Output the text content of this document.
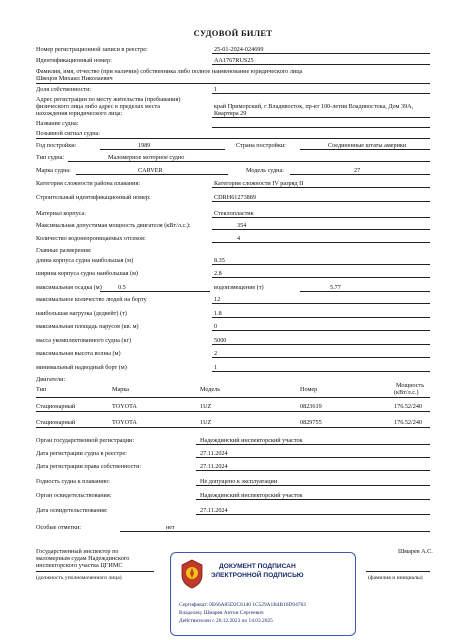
СУДОВОЙ БИЛЕТ
Номер регистрационной записи в реестре:	25-01-2024-024699
Идентификационный номер:	АА1767RUS25
Фамилия, имя, отчество (при наличии) собственника либо полное наименование юридического лица
Швецов Михаил Николаевич
Доля собственности:	1
Адрес регистрации по месту жительства (пребывания)
физического лица либо адрес в пределах места
нахождения юридического лица:
край Приморский, г Владивосток, пр-кт 100-летия Владивостока, Дом 39А,
Квартира 29
Название судна:
Позывной сигнал судна:
Год постройки:	1989	Страна постройки:	Соединенные штаты америки
Тип судна:	Маломерное моторное судно
Марка судна:	CARVER	Модель судна:	27
Категория сложности района плавания:	Категория сложности IV разряд II
Строительный идентификационный номер:	CDRH61273889
Материал корпуса:	Стеклопластик
Максимальная допустимая мощность двигателя (кВт/л.с.):	354
Количество водонепроницаемых отсеков:	4
Главные размерения:
длина корпуса судна наибольшая (м)	8.35
ширина корпуса судна наибольшая (м)	2.8
максимальная осадка (м)	0.5	водоизмещение (т)	5.77
максимальное количество людей на борту	12
наибольшая нагрузка (дедвейт) (т)	1.8
максимальная площадь парусов (кв. м)	0
масса укомплектованного судна (кг)	5000
максимальная высота волны (м)	2
минимальный надводный борт (м)	1
Двигатели:
Тип	Марка	Модель	Номер
Мощность
(кВт/л.с.)
Стационарный	TOYOTA	1UZ	0823619	176.52/240
Стационарный	TOYOTA	1UZ	0829755	176.52/240
Орган государственной регистрации:	Надеждинский инспекторский участок
Дата регистрации судна в реестре:	27.11.2024
Дата регистрации права собственности:	27.11.2024
Годность судна к плаванию:	Не допущено к эксплуатации
Орган освидетельствования:	Надеждинский инспекторский участок
Дата освидетельствования:	27.11.2024
Особые отметки:	нет
Государственный инспектор по
маломерным судам Надеждинского
инспекторского участка ЦГИМС
Шмарев А.С.
(должность уполномоченного лица)	(фамилия и инициалы)
ДОКУМЕНТ ПОДПИСАН
ЭЛЕКТРОННОЙ ПОДПИСЬЮ
Сертификат: 0E66A85D2C6140 1C529A1B4B16D94763
Владелец: Шмарев Антон Сергеевич
Действителен с 20.12.2023 по 14.03.2025
